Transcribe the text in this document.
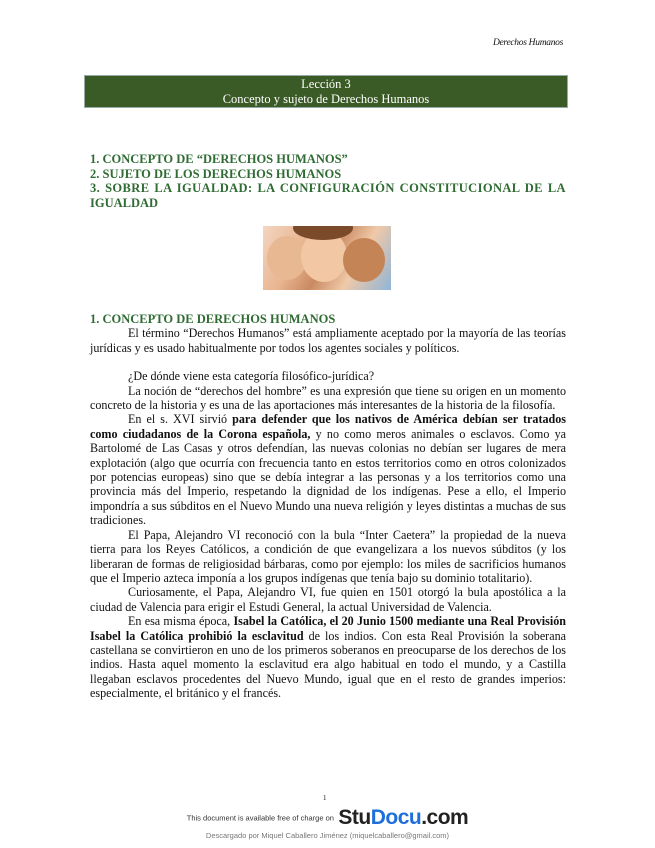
Derechos Humanos
Lección 3
Concepto y sujeto de Derechos Humanos
1. CONCEPTO DE “DERECHOS HUMANOS”
2. SUJETO DE LOS DERECHOS HUMANOS
3. SOBRE LA IGUALDAD: LA CONFIGURACIÓN CONSTITUCIONAL DE LA
IGUALDAD

1. CONCEPTO DE DERECHOS HUMANOS

El término “Derechos Humanos” está ampliamente aceptado por la mayoría de las teorías jurídicas y es usado habitualmente por todos los agentes sociales y políticos.

¿De dónde viene esta categoría filosófico-jurídica?

La noción de “derechos del hombre” es una expresión que tiene su origen en un momento concreto de la historia y es una de las aportaciones más interesantes de la historia de la filosofía.

En el s. XVI sirvió para defender que los nativos de América debían ser tratados como ciudadanos de la Corona española, y no como meros animales o esclavos. Como ya Bartolomé de Las Casas y otros defendían, las nuevas colonias no debían ser lugares de mera explotación (algo que ocurría con frecuencia tanto en estos territorios como en otros colonizados por potencias europeas) sino que se debía integrar a las personas y a los territorios como una provincia más del Imperio, respetando la dignidad de los indígenas. Pese a ello, el Imperio impondría a sus súbditos en el Nuevo Mundo una nueva religión y leyes distintas a muchas de sus tradiciones.

El Papa, Alejandro VI reconoció con la bula “Inter Caetera” la propiedad de la nueva tierra para los Reyes Católicos, a condición de que evangelizara a los nuevos súbditos (y los liberaran de formas de religiosidad bárbaras, como por ejemplo: los miles de sacrificios humanos que el Imperio azteca imponía a los grupos indígenas que tenía bajo su dominio totalitario).

Curiosamente, el Papa, Alejandro VI, fue quien en 1501 otorgó la bula apostólica a la ciudad de Valencia para erigir el Estudi General, la actual Universidad de Valencia.

En esa misma época, Isabel la Católica, el 20 Junio 1500 mediante una Real Provisión Isabel la Católica prohibió la esclavitud de los indios. Con esta Real Provisión la soberana castellana se convirtieron en uno de los primeros soberanos en preocuparse de los derechos de los indios. Hasta aquel momento la esclavitud era algo habitual en todo el mundo, y a Castilla llegaban esclavos procedentes del Nuevo Mundo, igual que en el resto de grandes imperios: especialmente, el británico y el francés.

1
This document is available free of charge on StuDocu.com
Descargado por Miquel Caballero Jiménez (miquelcaballero@gmail.com)
